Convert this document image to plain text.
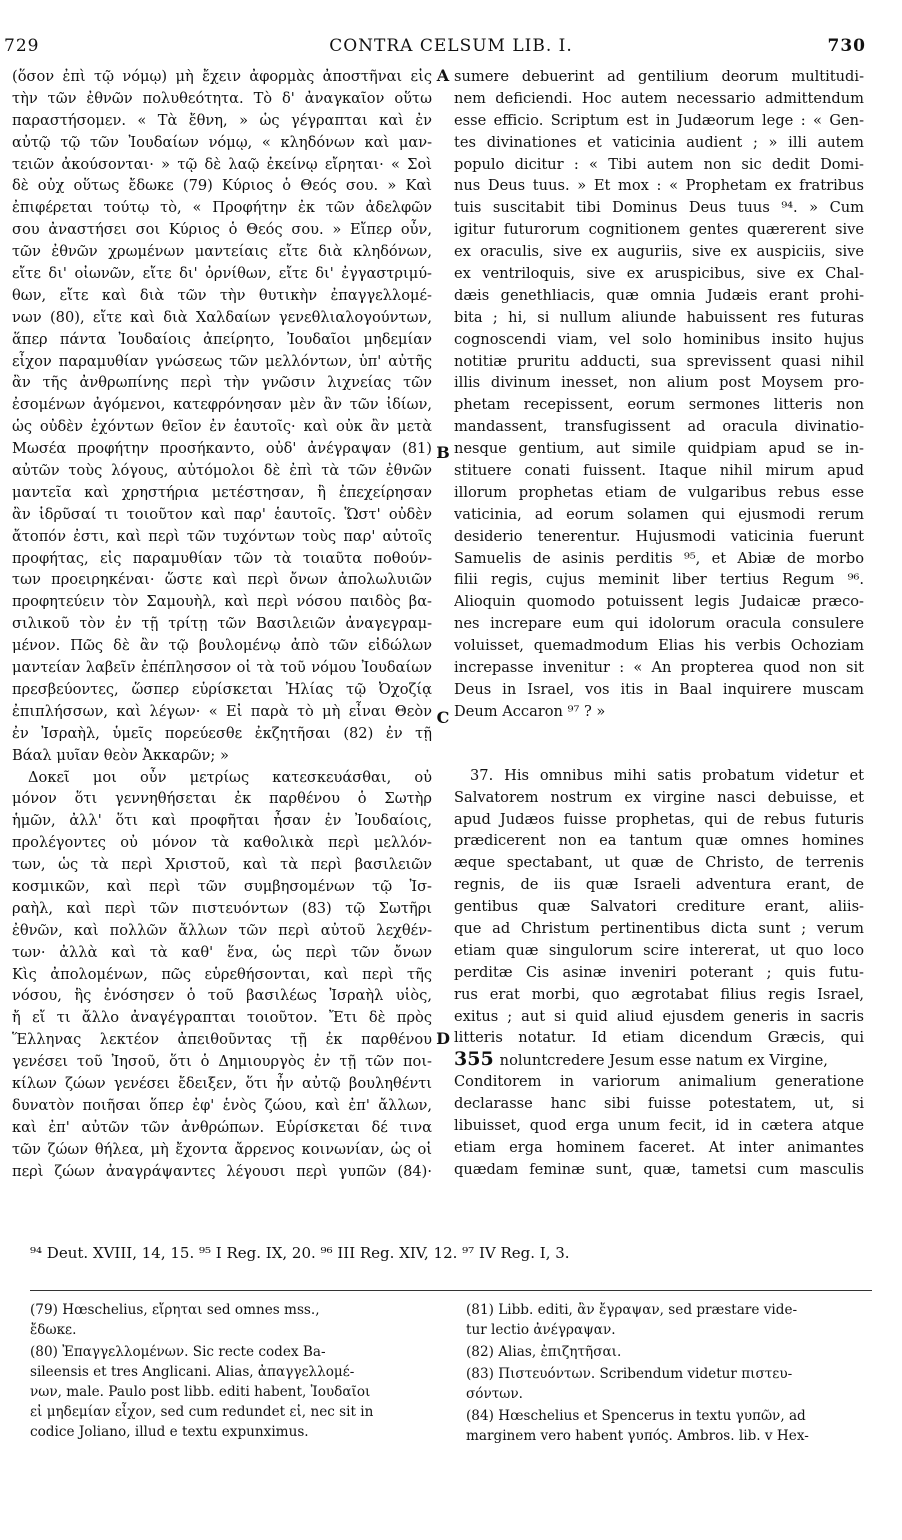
729	CONTRA CELSUM LIB. I.	730
(ὅσον ἐπὶ τῷ νόμῳ) μὴ ἔχειν ἀφορμὰς ἀποστῆναι εἰς
τὴν τῶν ἐθνῶν πολυθεότητα. Τὸ δ' ἀναγκαῖον οὕτω
παραστήσομεν. « Τὰ ἔθνη, » ὡς γέγραπται καὶ ἐν
αὐτῷ τῷ τῶν Ἰουδαίων νόμῳ, « κληδόνων καὶ μαν-
τειῶν ἀκούσονται· » τῷ δὲ λαῷ ἐκείνῳ εἴρηται· « Σοὶ
δὲ οὐχ οὕτως ἔδωκε (79) Κύριος ὁ Θεός σου. » Καὶ
ἐπιφέρεται τούτῳ τὸ, « Προφήτην ἐκ τῶν ἀδελφῶν
σου ἀναστήσει σοι Κύριος ὁ Θεός σου. » Εἴπερ οὖν,
τῶν ἐθνῶν χρωμένων μαντείαις εἴτε διὰ κληδόνων,
εἴτε δι' οἰωνῶν, εἴτε δι' ὀρνίθων, εἴτε δι' ἐγγαστριμύ-
θων, εἴτε καὶ διὰ τῶν τὴν θυτικὴν ἐπαγγελλομέ-
νων (80), εἴτε καὶ διὰ Χαλδαίων γενεθλιαλογούντων,
ἅπερ πάντα Ἰουδαίοις ἀπείρητο, Ἰουδαῖοι μηδεμίαν
εἶχον παραμυθίαν γνώσεως τῶν μελλόντων, ὑπ' αὐτῆς
ἂν τῆς ἀνθρωπίνης περὶ τὴν γνῶσιν λιχνείας τῶν
ἐσομένων ἀγόμενοι, κατεφρόνησαν μὲν ἂν τῶν ἰδίων,
ὡς οὐδὲν ἐχόντων θεῖον ἐν ἑαυτοῖς· καὶ οὐκ ἂν μετὰ
Μωσέα προφήτην προσήκαντο, οὐδ' ἀνέγραψαν (81)
αὐτῶν τοὺς λόγους, αὐτόμολοι δὲ ἐπὶ τὰ τῶν ἐθνῶν
μαντεῖα καὶ χρηστήρια μετέστησαν, ἢ ἐπεχείρησαν
ἂν ἱδρῦσαί τι τοιοῦτον καὶ παρ' ἑαυτοῖς. Ὥστ' οὐδὲν
ἄτοπόν ἐστι, καὶ περὶ τῶν τυχόντων τοὺς παρ' αὐτοῖς
προφήτας, εἰς παραμυθίαν τῶν τὰ τοιαῦτα ποθούν-
των προειρηκέναι· ὥστε καὶ περὶ ὄνων ἀπολωλυιῶν
προφητεύειν τὸν Σαμουὴλ, καὶ περὶ νόσου παιδὸς βα-
σιλικοῦ τὸν ἐν τῇ τρίτῃ τῶν Βασιλειῶν ἀναγεγραμ-
μένον. Πῶς δὲ ἂν τῷ βουλομένῳ ἀπὸ τῶν εἰδώλων
μαντείαν λαβεῖν ἐπέπλησσον οἱ τὰ τοῦ νόμου Ἰουδαίων
πρεσβεύοντες, ὥσπερ εὑρίσκεται Ἠλίας τῷ Ὀχοζίᾳ
ἐπιπλήσσων, καὶ λέγων· « Εἰ παρὰ τὸ μὴ εἶναι Θεὸν
ἐν Ἰσραὴλ, ὑμεῖς πορεύεσθε ἐκζητῆσαι (82) ἐν τῇ
Βάαλ μυῖαν θεὸν Ἀκκαρῶν; »
Δοκεῖ μοι οὖν μετρίως κατεσκευάσθαι, οὐ
μόνον ὅτι γεννηθήσεται ἐκ παρθένου ὁ Σωτὴρ
ἡμῶν, ἀλλ' ὅτι καὶ προφῆται ἦσαν ἐν Ἰουδαίοις,
προλέγοντες οὐ μόνον τὰ καθολικὰ περὶ μελλόν-
των, ὡς τὰ περὶ Χριστοῦ, καὶ τὰ περὶ βασιλειῶν
κοσμικῶν, καὶ περὶ τῶν συμβησομένων τῷ Ἰσ-
ραὴλ, καὶ περὶ τῶν πιστευόντων (83) τῷ Σωτῆρι
ἐθνῶν, καὶ πολλῶν ἄλλων τῶν περὶ αὐτοῦ λεχθέν-
των· ἀλλὰ καὶ τὰ καθ' ἕνα, ὡς περὶ τῶν ὄνων
Κὶς ἀπολομένων, πῶς εὑρεθήσονται, καὶ περὶ τῆς
νόσου, ἣς ἐνόσησεν ὁ τοῦ βασιλέως Ἰσραὴλ υἱὸς,
ἤ εἴ τι ἄλλο ἀναγέγραπται τοιοῦτον. Ἔτι δὲ πρὸς
Ἕλληνας λεκτέον ἀπειθοῦντας τῇ ἐκ παρθένου
γενέσει τοῦ Ἰησοῦ, ὅτι ὁ Δημιουργὸς ἐν τῇ τῶν ποι-
κίλων ζώων γενέσει ἔδειξεν, ὅτι ἦν αὐτῷ βουληθέντι
δυνατὸν ποιῆσαι ὅπερ ἐφ' ἑνὸς ζώου, καὶ ἐπ' ἄλλων,
καὶ ἐπ' αὐτῶν τῶν ἀνθρώπων. Εὑρίσκεται δέ τινα
τῶν ζώων θήλεα, μὴ ἔχοντα ἄρρενος κοινωνίαν, ὡς οἱ
περὶ ζώων ἀναγράψαντες λέγουσι περὶ γυπῶν (84)·
sumere debuerint ad gentilium deorum multitudi-
nem deficiendi. Hoc autem necessario admittendum
esse efficio. Scriptum est in Judæorum lege : « Gen-
tes divinationes et vaticinia audient ; » illi autem
populo dicitur : « Tibi autem non sic dedit Domi-
nus Deus tuus. » Et mox : « Prophetam ex fratribus
tuis suscitabit tibi Dominus Deus tuus ⁹⁴. » Cum
igitur futurorum cognitionem gentes quærerent sive
ex oraculis, sive ex auguriis, sive ex auspiciis, sive
ex ventriloquis, sive ex aruspicibus, sive ex Chal-
dæis genethliacis, quæ omnia Judæis erant prohi-
bita ; hi, si nullum aliunde habuissent res futuras
cognoscendi viam, vel solo hominibus insito hujus
notitiæ pruritu adducti, sua sprevissent quasi nihil
illis divinum inesset, non alium post Moysem pro-
phetam recepissent, eorum sermones litteris non
mandassent, transfugissent ad oracula divinatio-
nesque gentium, aut simile quidpiam apud se in-
stituere conati fuissent. Itaque nihil mirum apud
illorum prophetas etiam de vulgaribus rebus esse
vaticinia, ad eorum solamen qui ejusmodi rerum
desiderio tenerentur. Hujusmodi vaticinia fuerunt
Samuelis de asinis perditis ⁹⁵, et Abiæ de morbo
filii regis, cujus meminit liber tertius Regum ⁹⁶.
Alioquin quomodo potuissent legis Judaicæ præco-
nes increpare eum qui idolorum oracula consulere
voluisset, quemadmodum Elias his verbis Ochoziam
increpasse invenitur : « An propterea quod non sit
Deus in Israel, vos itis in Baal inquirere muscam
Deum Accaron ⁹⁷ ? »
37. His omnibus mihi satis probatum videtur et
Salvatorem nostrum ex virgine nasci debuisse, et
apud Judæos fuisse prophetas, qui de rebus futuris
prædicerent non ea tantum quæ omnes homines
æque spectabant, ut quæ de Christo, de terrenis
regnis, de iis quæ Israeli adventura erant, de
gentibus quæ Salvatori crediture erant, aliis-
que ad Christum pertinentibus dicta sunt ; verum
etiam quæ singulorum scire intererat, ut quo loco
perditæ Cis asinæ inveniri poterant ; quis futu-
rus erat morbi, quo ægrotabat filius regis Israel,
exitus ; aut si quid aliud ejusdem generis in sacris
litteris notatur. Id etiam dicendum Græcis, qui
355 noluntcredere Jesum esse natum ex Virgine,
Conditorem in variorum animalium generatione
declarasse hanc sibi fuisse potestatem, ut, si
libuisset, quod erga unum fecit, id in cætera atque
etiam erga hominem faceret. At inter animantes
quædam feminæ sunt, quæ, tametsi cum masculis
A
B
C
D
⁹⁴ Deut. XVIII, 14, 15. ⁹⁵ I Reg. IX, 20. ⁹⁶ III Reg. XIV, 12. ⁹⁷ IV Reg. I, 3.
(79) Hœschelius, εἴρηται sed omnes mss.,
ἔδωκε.
(80) Ἐπαγγελλομένων. Sic recte codex Ba-
sileensis et tres Anglicani. Alias, ἀπαγγελλομέ-
νων, male. Paulo post libb. editi habent, Ἰουδαῖοι
εἰ μηδεμίαν εἶχον, sed cum redundet εἰ, nec sit in
codice Joliano, illud e textu expunximus.
(81) Libb. editi, ἂν ἔγραψαν, sed præstare vide-
tur lectio ἀνέγραψαν.
(82) Alias, ἐπιζητῆσαι.
(83) Πιστευόντων. Scribendum videtur πιστευ-
σόντων.
(84) Hœschelius et Spencerus in textu γυπῶν, ad
marginem vero habent γυπός. Ambros. lib. v Hex-
